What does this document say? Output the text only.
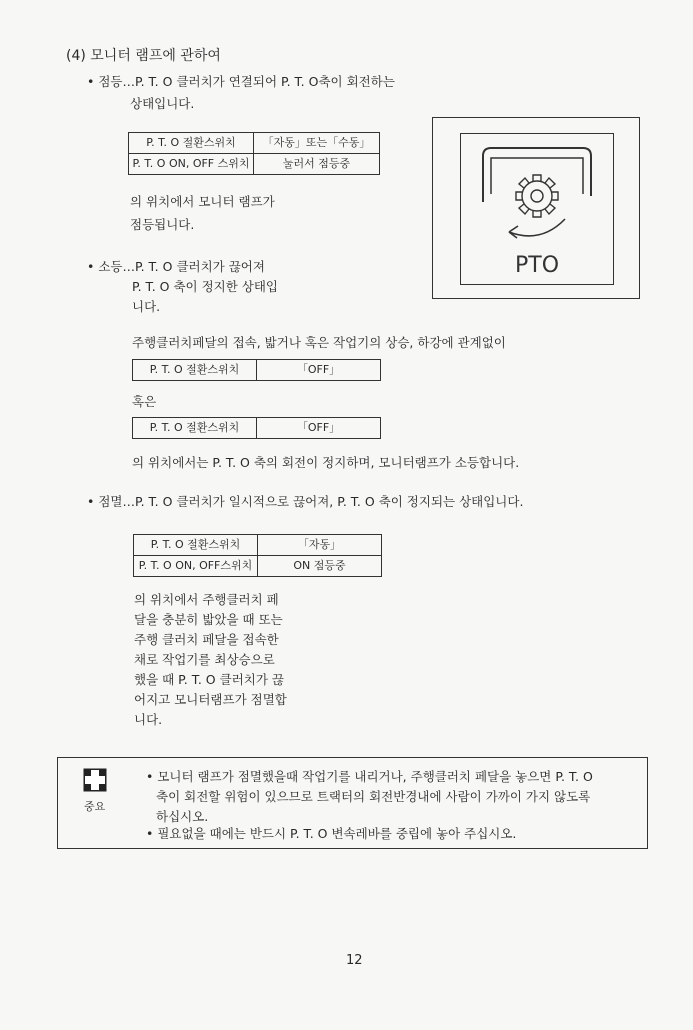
(4) 모니터 램프에 관하여
• 점등…P. T. O 클러치가 연결되어 P. T. O축이 회전하는
상태입니다.
P. T. O 절환스위치	「자동」또는「수동」
P. T. O ON, OFF 스위치	눌러서 점등중
의 위치에서 모니터 램프가
점등됩니다.
PTO
• 소등…P. T. O 클러치가 끊어져
P. T. O 축이 정지한 상태입
니다.
주행클러치페달의 접속, 밟거나 혹은 작업기의 상승, 하강에 관계없이
P. T. O 절환스위치	「OFF」
혹은
P. T. O 절환스위치	「OFF」
의 위치에서는 P. T. O 축의 회전이 정지하며, 모니터램프가 소등합니다.
• 점멸…P. T. O 클러치가 일시적으로 끊어져, P. T. O 축이 정지되는 상태입니다.
P. T. O 절환스위치	「자동」
P. T. O ON, OFF스위치	ON 점등중
의 위치에서 주행클러치 페
달을 충분히 밟았을 때 또는
주행 클러치 페달을 접속한
채로 작업기를 최상승으로
했을 때 P. T. O 클러치가 끊
어지고 모니터램프가 점멸합
니다.
중요
• 모니터 램프가 점멸했을때 작업기를 내리거나, 주행클러치 페달을 놓으면 P. T. O
축이 회전할 위험이 있으므로 트랙터의 회전반경내에 사람이 가까이 가지 않도록
하십시오.
• 필요없을 때에는 반드시 P. T. O 변속레바를 중립에 놓아 주십시오.
12
